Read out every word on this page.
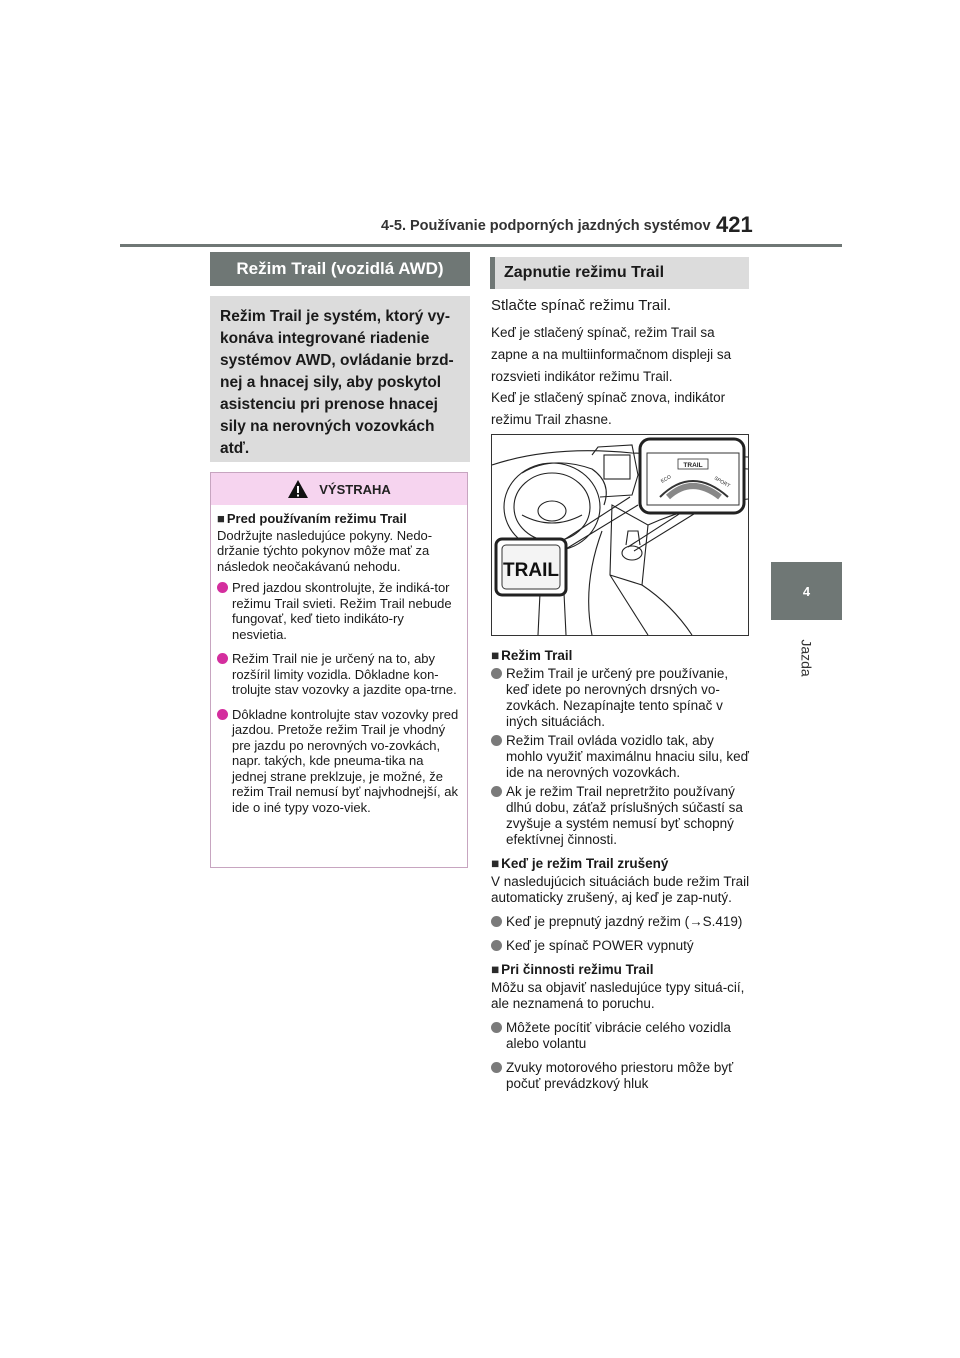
4-5. Používanie podporných jazdných systémov 421
4
Jazda
Režim Trail (vozidlá AWD)
Režim Trail je systém, ktorý vy-konáva integrované riadenie systémov AWD, ovládanie brzd-nej a hnacej sily, aby poskytol asistenciu pri prenose hnacej sily na nerovných vozovkách atď.
VÝSTRAHA
■ Pred používaním režimu Trail
Dodržujte nasledujúce pokyny. Nedo-držanie týchto pokynov môže mať za následok neočakávanú nehodu.
Pred jazdou skontrolujte, že indiká-tor režimu Trail svieti. Režim Trail nebude fungovať, keď tieto indikáto-ry nesvietia.
Režim Trail nie je určený na to, aby rozšíril limity vozidla. Dôkladne kon-trolujte stav vozovky a jazdite opa-trne.
Dôkladne kontrolujte stav vozovky pred jazdou. Pretože režim Trail je vhodný pre jazdu po nerovných vo-zovkách, napr. takých, kde pneuma-tika na jednej strane preklzuje, je možné, že režim Trail nemusí byť najvhodnejší, ak ide o iné typy vozo-viek.
Zapnutie režimu Trail
Stlačte spínač režimu Trail.
Keď je stlačený spínač, režim Trail sa zapne a na multiinformačnom displeji sa rozsvieti indikátor režimu Trail.
Keď je stlačený spínač znova, indikátor režimu Trail zhasne.
TRAIL
ECO	SPORT
TRAIL
■ Režim Trail
Režim Trail je určený pre používanie, keď idete po nerovných drsných vo-zovkách. Nezapínajte tento spínač v iných situáciách.
Režim Trail ovláda vozidlo tak, aby mohlo využiť maximálnu hnaciu silu, keď ide na nerovných vozovkách.
Ak je režim Trail nepretržito používaný dlhú dobu, záťaž príslušných súčastí sa zvyšuje a systém nemusí byť schopný efektívnej činnosti.
■ Keď je režim Trail zrušený
V nasledujúcich situáciách bude režim Trail automaticky zrušený, aj keď je zap-nutý.
Keď je prepnutý jazdný režim (→S.419)
Keď je spínač POWER vypnutý
■ Pri činnosti režimu Trail
Môžu sa objaviť nasledujúce typy situá-cií, ale neznamená to poruchu.
Môžete pocítiť vibrácie celého vozidla alebo volantu
Zvuky motorového priestoru môže byť počuť prevádzkový hluk
